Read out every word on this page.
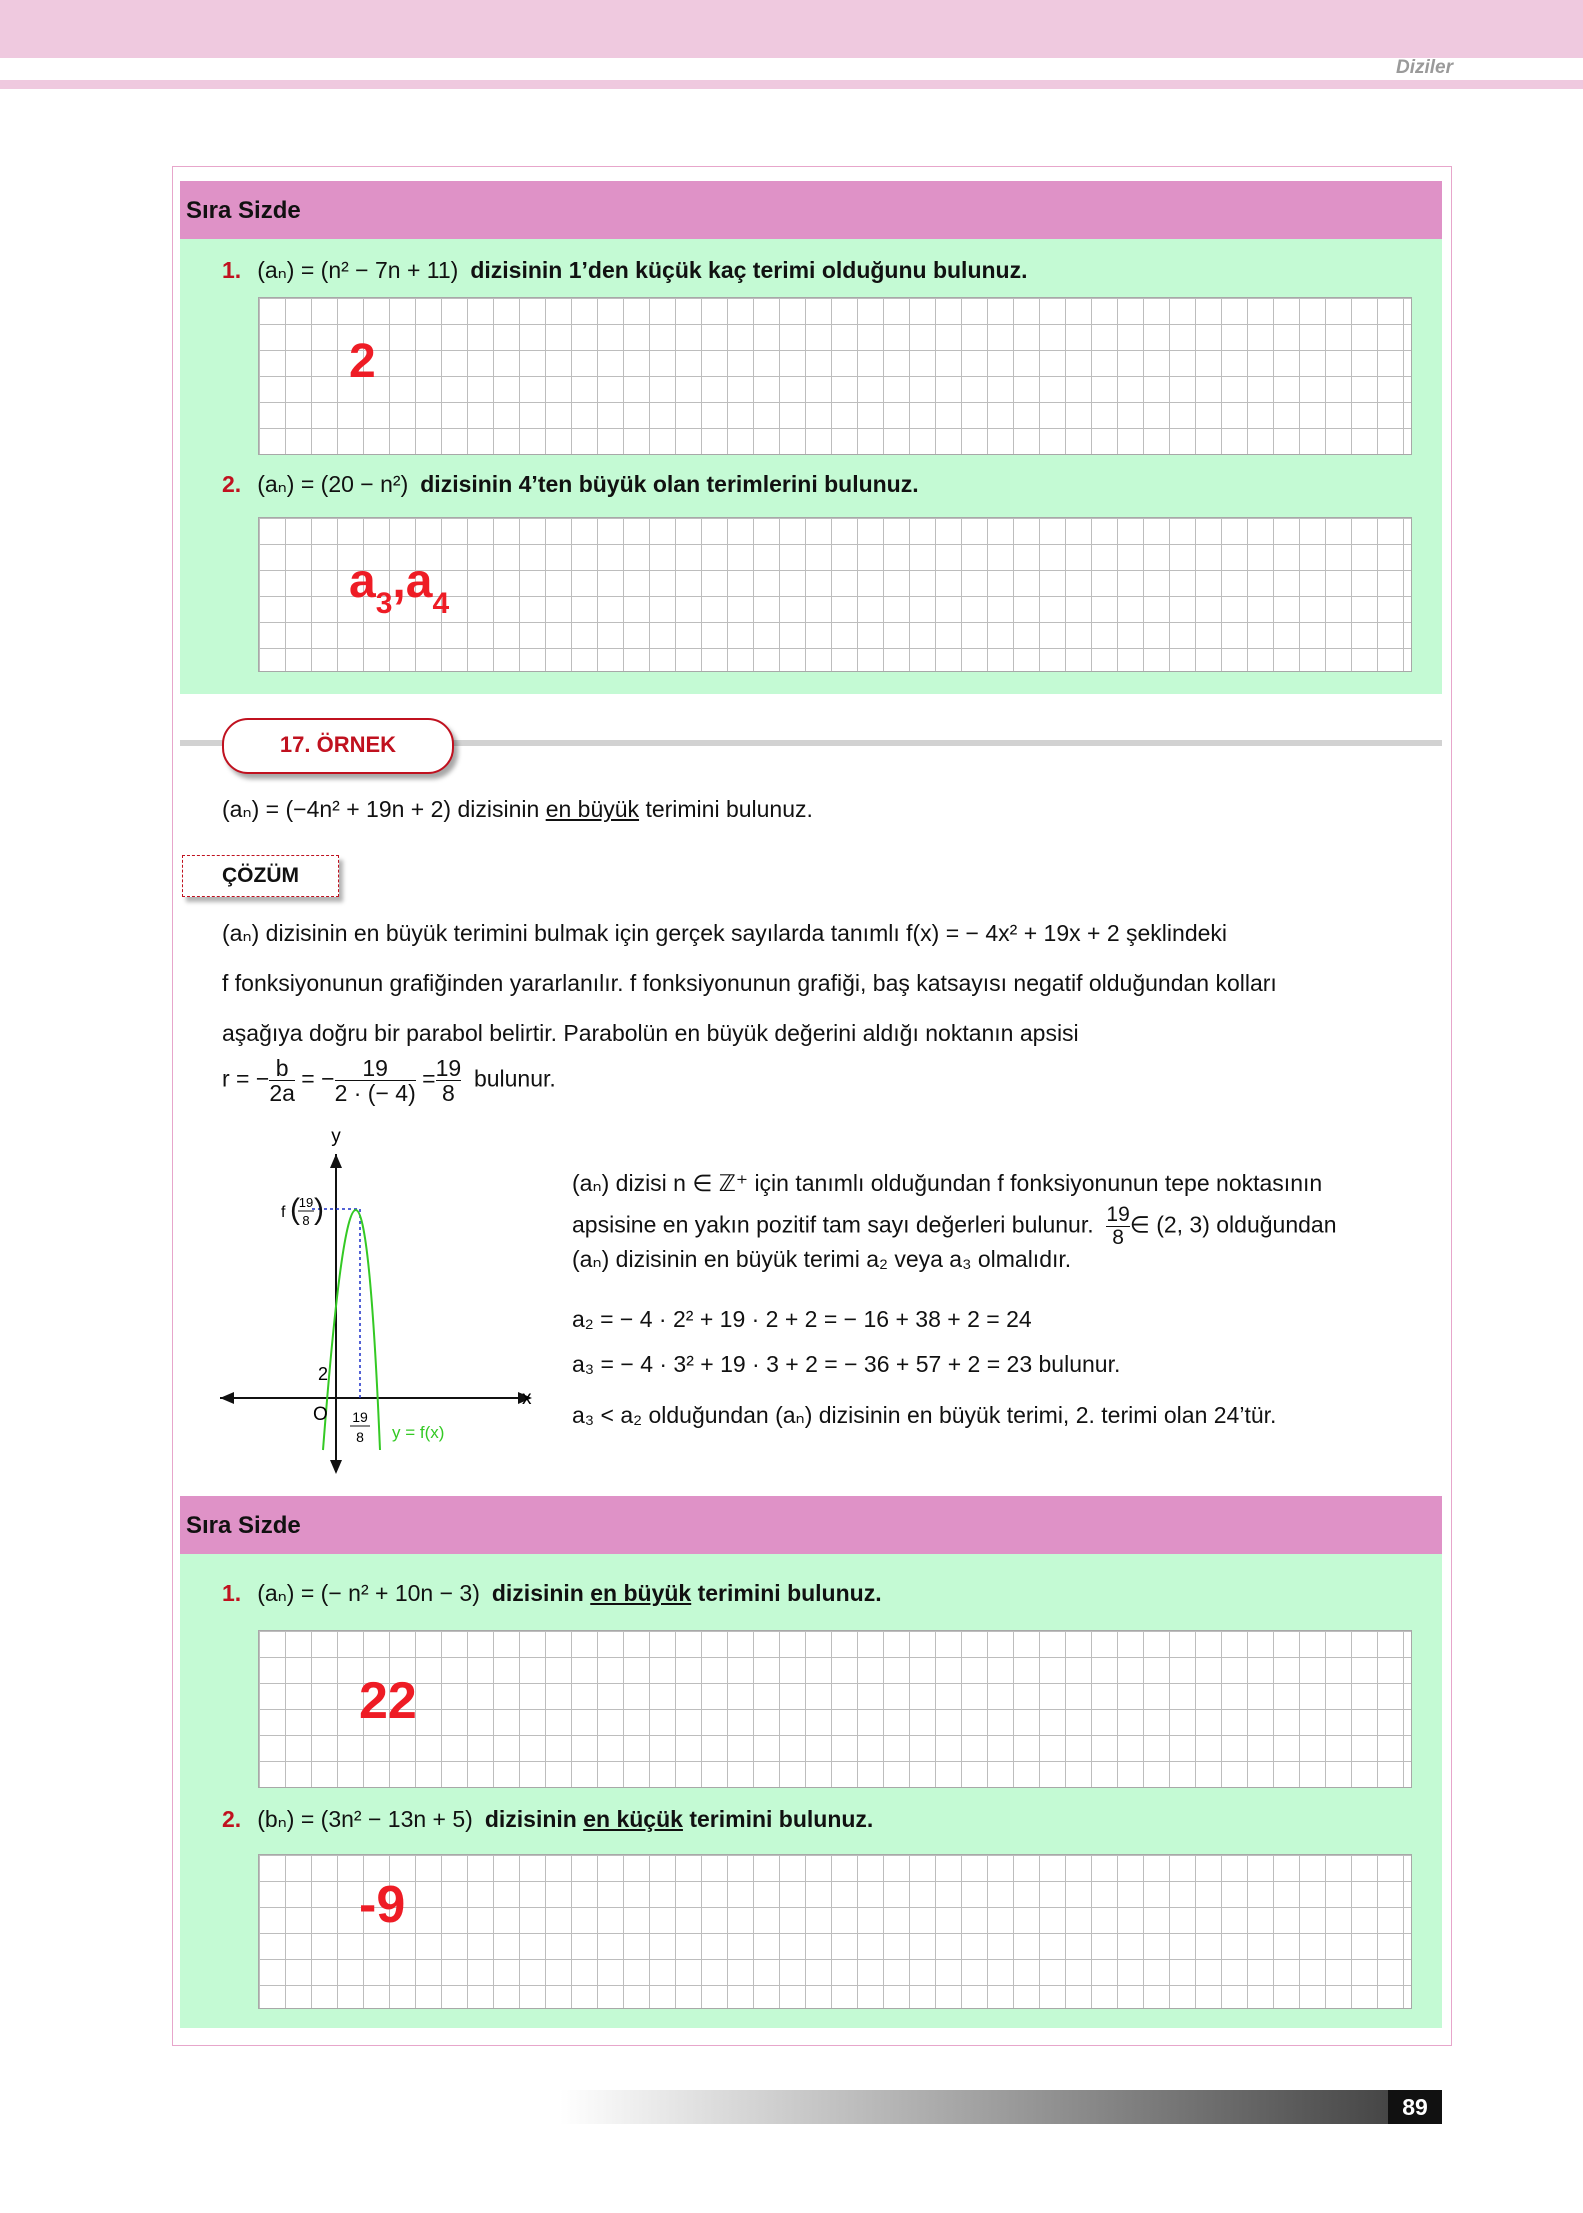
Diziler
Sıra Sizde
1. (aₙ) = (n² − 7n + 11) dizisinin 1’den küçük kaç terimi olduğunu bulunuz.
2
2. (aₙ) = (20 − n²) dizisinin 4’ten büyük olan terimlerini bulunuz.
$a_3,a_4$
17. ÖRNEK
(aₙ) = (−4n² + 19n + 2) dizisinin en büyük terimini bulunuz.
ÇÖZÜM
(aₙ) dizisinin en büyük terimini bulmak için gerçek sayılarda tanımlı f(x) = − 4x² + 19x + 2 şeklindeki
f fonksiyonunun grafiğinden yararlanılır. f fonksiyonunun grafiği, baş katsayısı negatif olduğundan kolları
aşağıya doğru bir parabol belirtir. Parabolün en büyük değerini aldığı noktanın apsisi
r = − $\frac{b}{2a}$ = − $\frac{19}{2 \cdot (- 4)} = \frac{19}{8}$ bulunur.
y
x
O
2
f (
19
8 )
19
8 y = f(x)
(aₙ) dizisi n ∈ ℤ⁺ için tanımlı olduğundan f fonksiyonunun tepe noktasının
apsisine en yakın pozitif tam sayı değerleri bulunur. $\frac{19}{8}$ ∈ (2, 3) olduğundan
(aₙ) dizisinin en büyük terimi a₂ veya a₃ olmalıdır.
a₂ = − 4 · 2² + 19 · 2 + 2 = − 16 + 38 + 2 = 24
a₃ = − 4 · 3² + 19 · 3 + 2 = − 36 + 57 + 2 = 23 bulunur.
a₃ < a₂ olduğundan (aₙ) dizisinin en büyük terimi, 2. terimi olan 24’tür.
Sıra Sizde
1. (aₙ) = (− n² + 10n − 3) dizisinin en büyük terimini bulunuz.
22
2. (bₙ) = (3n² − 13n + 5) dizisinin en küçük terimini bulunuz.
-9
89
